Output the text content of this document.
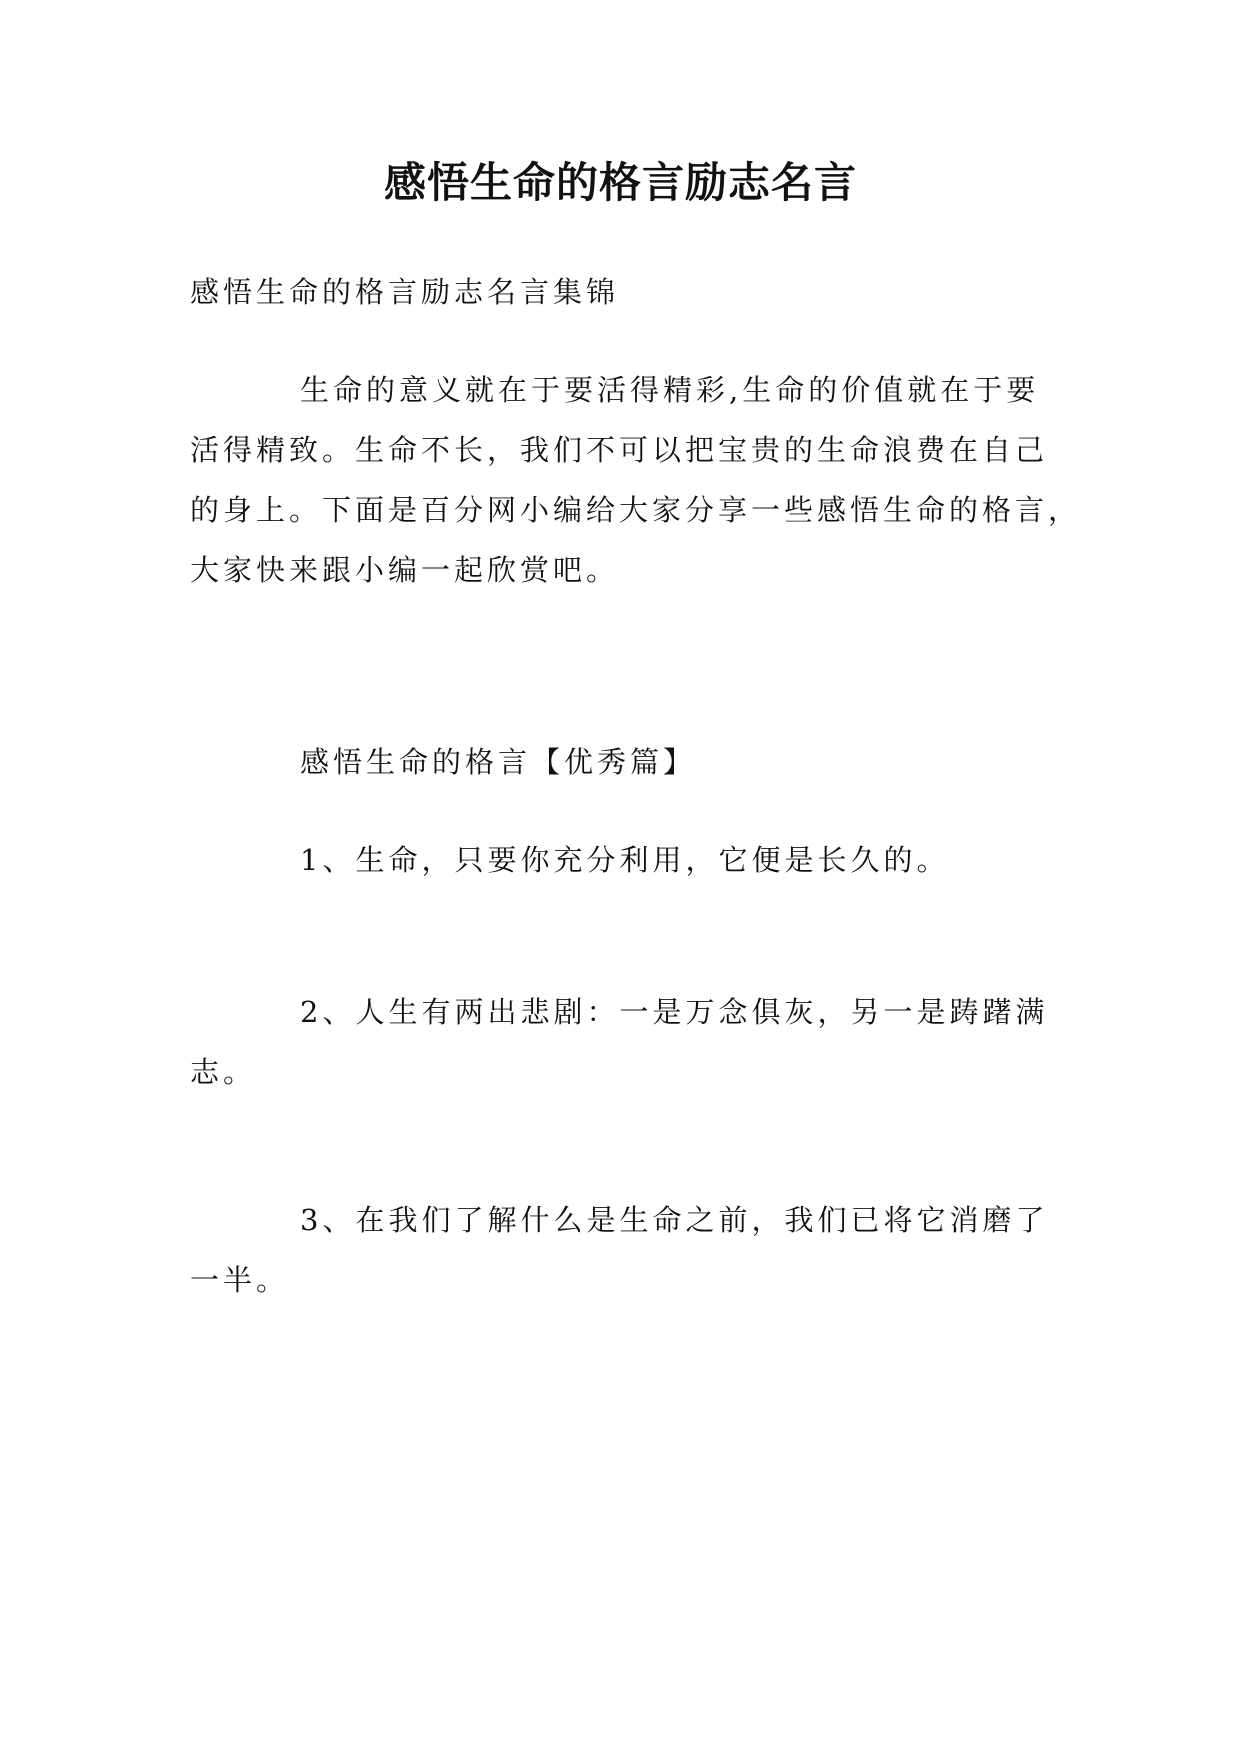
感悟生命的格言励志名言
感悟生命的格言励志名言集锦
生命的意义就在于要活得精彩,生命的价值就在于要
活得精致。生命不长，我们不可以把宝贵的生命浪费在自己
的身上。下面是百分网小编给大家分享一些感悟生命的格言，
大家快来跟小编一起欣赏吧。
感悟生命的格言【优秀篇】
1、生命，只要你充分利用，它便是长久的。
2、人生有两出悲剧：一是万念俱灰，另一是踌躇满
志。
3、在我们了解什么是生命之前，我们已将它消磨了
一半。
